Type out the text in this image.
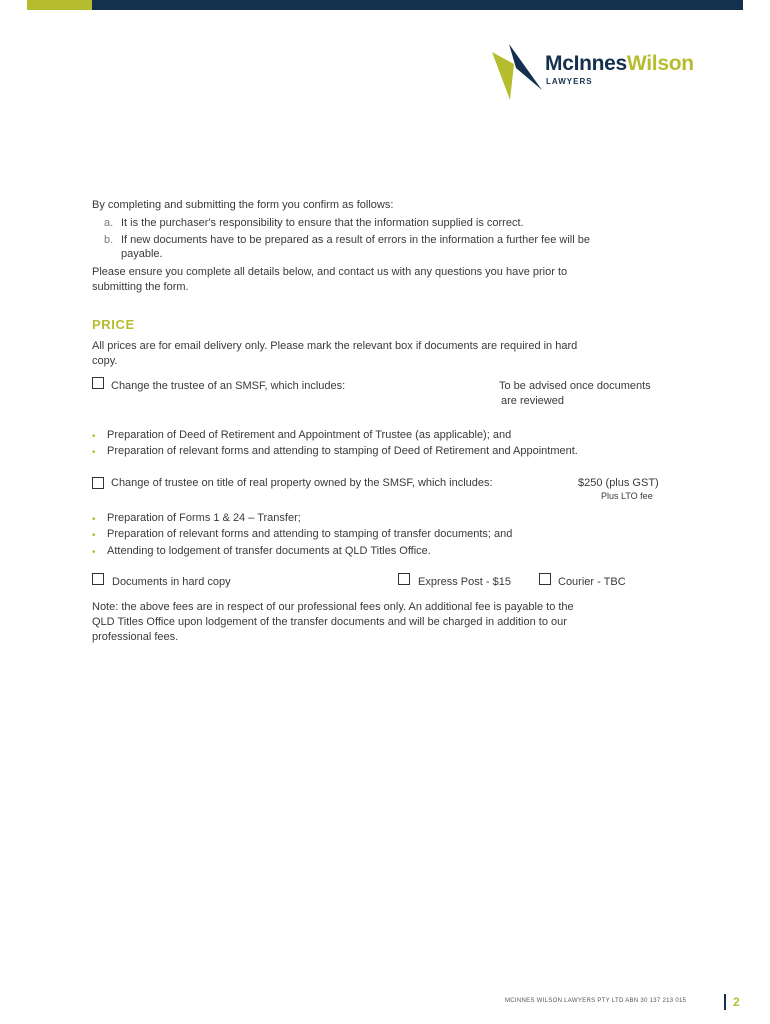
McInnesWilson
LAWYERS
By completing and submitting the form you confirm as follows:
a. It is the purchaser's responsibility to ensure that the information supplied is correct.
b. If new documents have to be prepared as a result of errors in the information a further fee will be
payable.
Please ensure you complete all details below, and contact us with any questions you have prior to
submitting the form.
PRICE
All prices are for email delivery only. Please mark the relevant box if documents are required in hard
copy.
Change the trustee of an SMSF, which includes:	To be advised once documents
are reviewed
• Preparation of Deed of Retirement and Appointment of Trustee (as applicable); and
• Preparation of relevant forms and attending to stamping of Deed of Retirement and Appointment.
Change of trustee on title of real property owned by the SMSF, which includes:	$250 (plus GST)
Plus LTO fee
• Preparation of Forms 1 & 24 – Transfer;
• Preparation of relevant forms and attending to stamping of transfer documents; and
• Attending to lodgement of transfer documents at QLD Titles Office.
Documents in hard copy	Express Post - $15	Courier - TBC
Note: the above fees are in respect of our professional fees only. An additional fee is payable to the
QLD Titles Office upon lodgement of the transfer documents and will be charged in addition to our
professional fees.
MCINNES WILSON LAWYERS PTY LTD ABN 30 137 213 015	2
